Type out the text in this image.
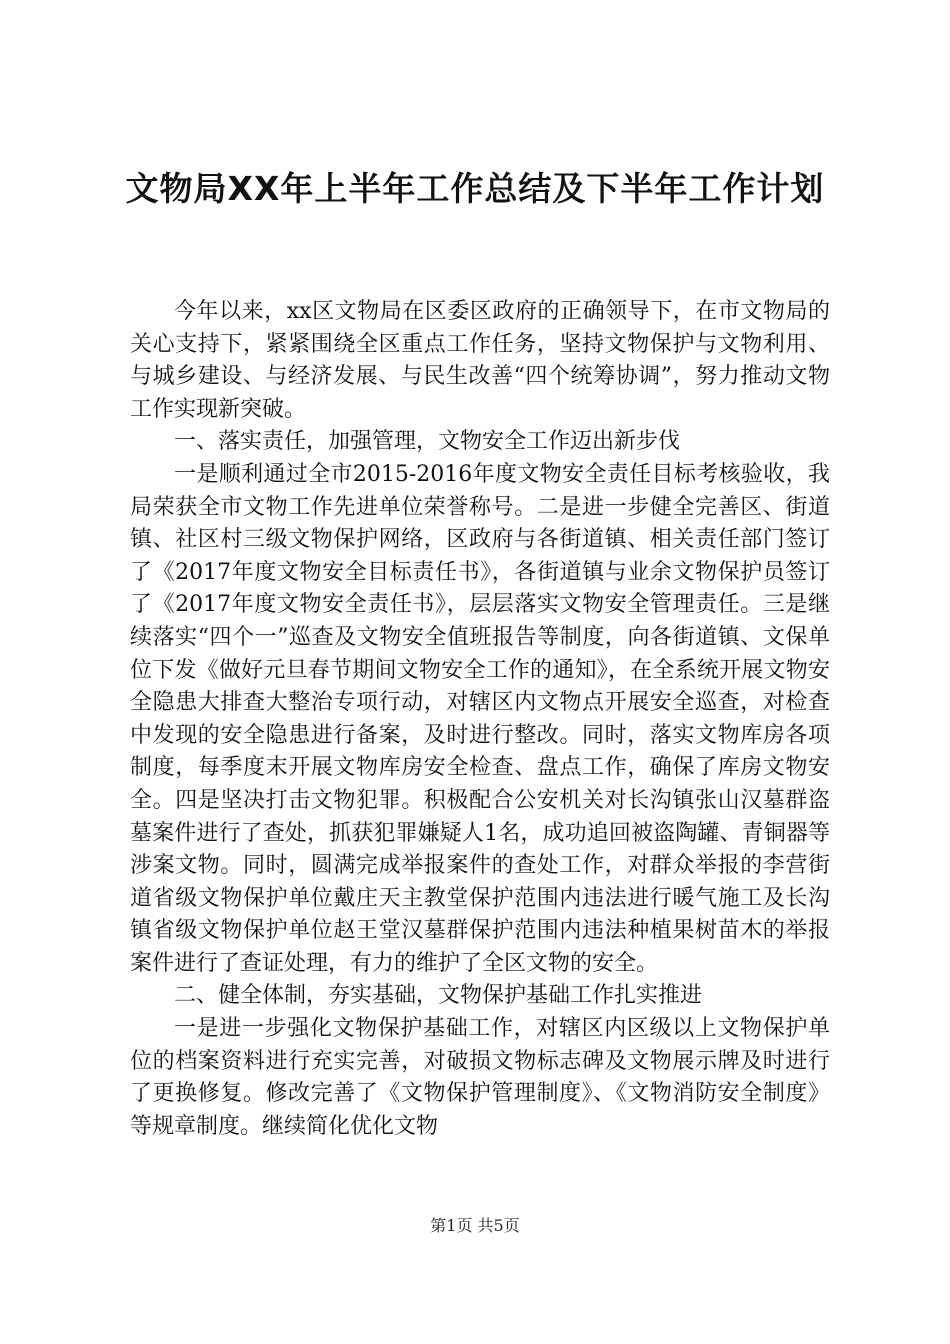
文物局XX年上半年工作总结及下半年工作计划

今年以来，xx区文物局在区委区政府的正确领导下，在市文物局的关心支持下，紧紧围绕全区重点工作任务，坚持文物保护与文物利用、与城乡建设、与经济发展、与民生改善“四个统筹协调”，努力推动文物工作实现新突破。

一、落实责任，加强管理，文物安全工作迈出新步伐

一是顺利通过全市2015-2016年度文物安全责任目标考核验收，我局荣获全市文物工作先进单位荣誉称号。二是进一步健全完善区、街道镇、社区村三级文物保护网络，区政府与各街道镇、相关责任部门签订了《2017年度文物安全目标责任书》，各街道镇与业余文物保护员签订了《2017年度文物安全责任书》，层层落实文物安全管理责任。三是继续落实“四个一”巡查及文物安全值班报告等制度，向各街道镇、文保单位下发《做好元旦春节期间文物安全工作的通知》，在全系统开展文物安全隐患大排查大整治专项行动，对辖区内文物点开展安全巡查，对检查中发现的安全隐患进行备案，及时进行整改。同时，落实文物库房各项制度，每季度末开展文物库房安全检查、盘点工作，确保了库房文物安全。四是坚决打击文物犯罪。积极配合公安机关对长沟镇张山汉墓群盗墓案件进行了查处，抓获犯罪嫌疑人1名，成功追回被盗陶罐、青铜器等涉案文物。同时，圆满完成举报案件的查处工作，对群众举报的李营街道省级文物保护单位戴庄天主教堂保护范围内违法进行暖气施工及长沟镇省级文物保护单位赵王堂汉墓群保护范围内违法种植果树苗木的举报案件进行了查证处理，有力的维护了全区文物的安全。

二、健全体制，夯实基础，文物保护基础工作扎实推进

一是进一步强化文物保护基础工作，对辖区内区级以上文物保护单位的档案资料进行充实完善，对破损文物标志碑及文物展示牌及时进行了更换修复。修改完善了《文物保护管理制度》、《文物消防安全制度》等规章制度。继续简化优化文物

第1页 共5页
